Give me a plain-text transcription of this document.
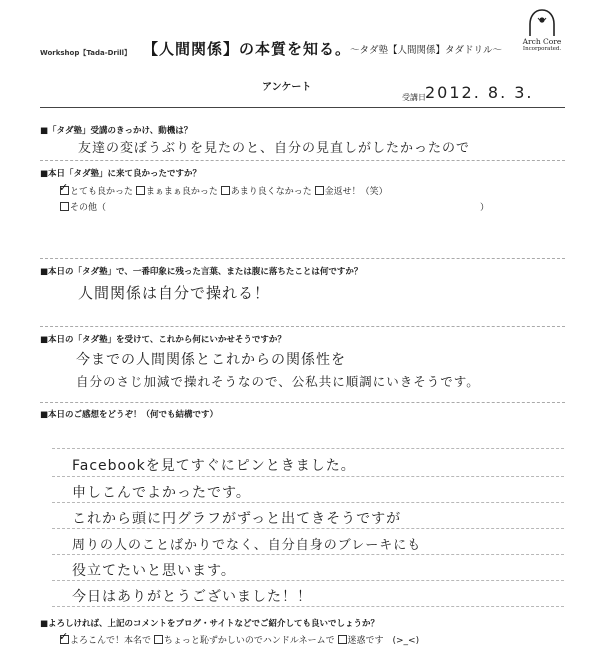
Workshop【Tada-Drill】 【人間関係】の本質を知る。
～タダ塾【人間関係】タダドリル～
Arch Core
Incorporated.
アンケート
受講日 2012. 8. 3.
■「タダ塾」受講のきっかけ、動機は？
友達の変ぼうぶりを見たのと、自分の見直しがしたかったので
■本日「タダ塾」に来て良かったですか？
✓とても良かった まぁまぁ良かった あまり良くなかった 金返せ！（笑）
その他（	）
■本日の「タダ塾」で、一番印象に残った言葉、または腹に落ちたことは何ですか？
人間関係は自分で操れる！
■本日の「タダ塾」を受けて、これから何にいかせそうですか？
今までの人間関係とこれからの関係性を
自分のさじ加減で操れそうなので、公私共に順調にいきそうです。
■本日のご感想をどうぞ！（何でも結構です）
Facebookを見てすぐにピンときました。
申しこんでよかったです。
これから頭に円グラフがずっと出てきそうですが
周りの人のことばかりでなく、自分自身のブレーキにも
役立てたいと思います。
今日はありがとうございました！！
■よろしければ、上記のコメントをブログ・サイトなどでご紹介しても良いでしょうか？
✓よろこんで！本名で ちょっと恥ずかしいのでハンドルネームで 迷惑です　(>_<)
